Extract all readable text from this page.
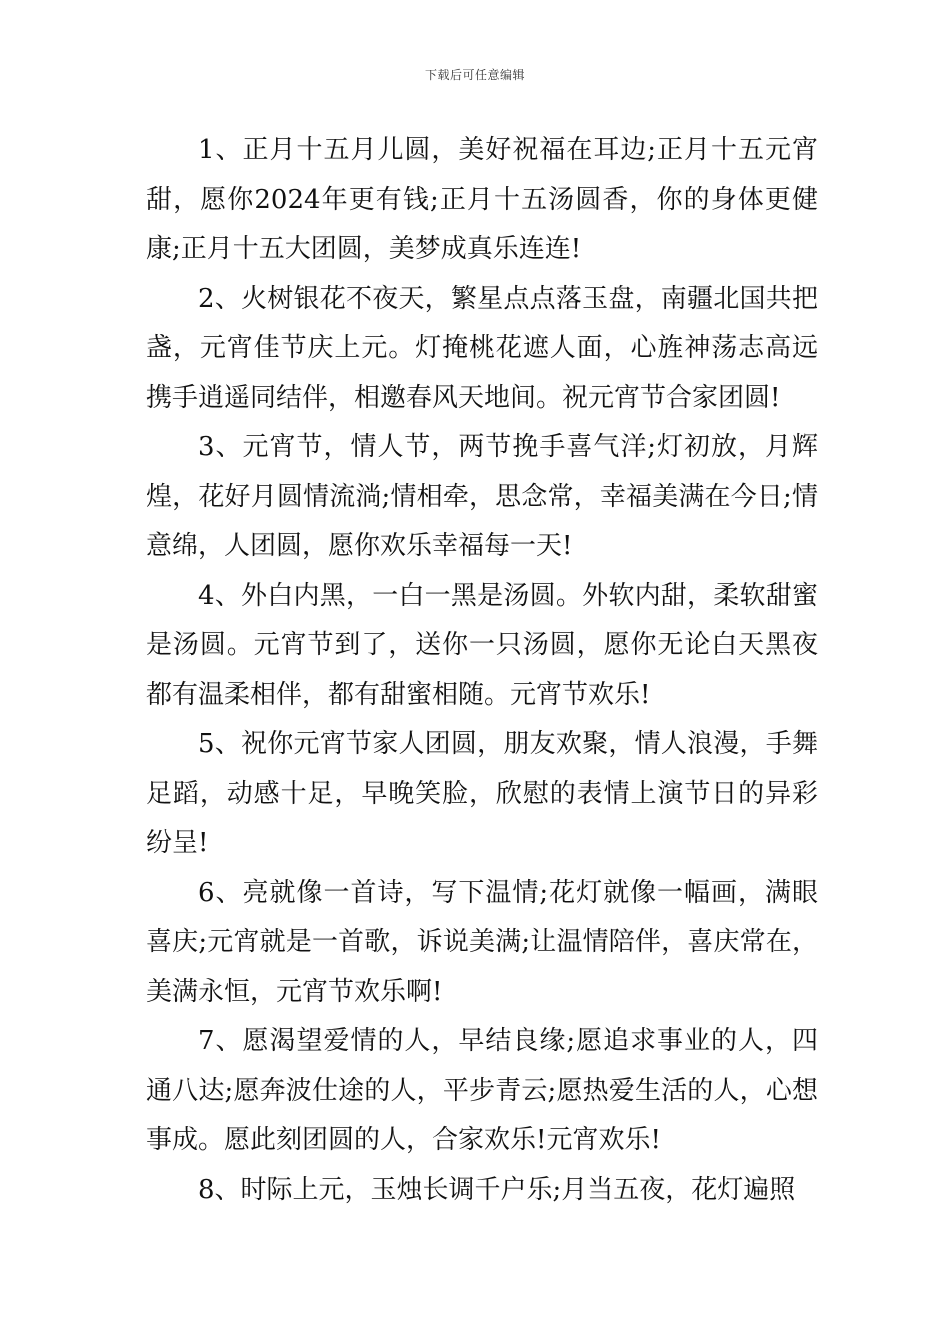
下载后可任意编辑

1、正月十五月儿圆，美好祝福在耳边;正月十五元宵甜，愿你2024年更有钱;正月十五汤圆香，你的身体更健康;正月十五大团圆，美梦成真乐连连!

2、火树银花不夜天，繁星点点落玉盘，南疆北国共把盏，元宵佳节庆上元。灯掩桃花遮人面，心旌神荡志高远携手逍遥同结伴，相邀春风天地间。祝元宵节合家团圆!

3、元宵节，情人节，两节挽手喜气洋;灯初放，月辉煌，花好月圆情流淌;情相牵，思念常，幸福美满在今日;情意绵，人团圆，愿你欢乐幸福每一天!

4、外白内黑，一白一黑是汤圆。外软内甜，柔软甜蜜是汤圆。元宵节到了，送你一只汤圆，愿你无论白天黑夜都有温柔相伴，都有甜蜜相随。元宵节欢乐!

5、祝你元宵节家人团圆，朋友欢聚，情人浪漫，手舞足蹈，动感十足，早晚笑脸，欣慰的表情上演节日的异彩纷呈!

6、亮就像一首诗，写下温情;花灯就像一幅画，满眼喜庆;元宵就是一首歌，诉说美满;让温情陪伴，喜庆常在，美满永恒，元宵节欢乐啊!

7、愿渴望爱情的人，早结良缘;愿追求事业的人，四通八达;愿奔波仕途的人，平步青云;愿热爱生活的人，心想事成。愿此刻团圆的人，合家欢乐!元宵欢乐!

8、时际上元，玉烛长调千户乐;月当五夜，花灯遍照
